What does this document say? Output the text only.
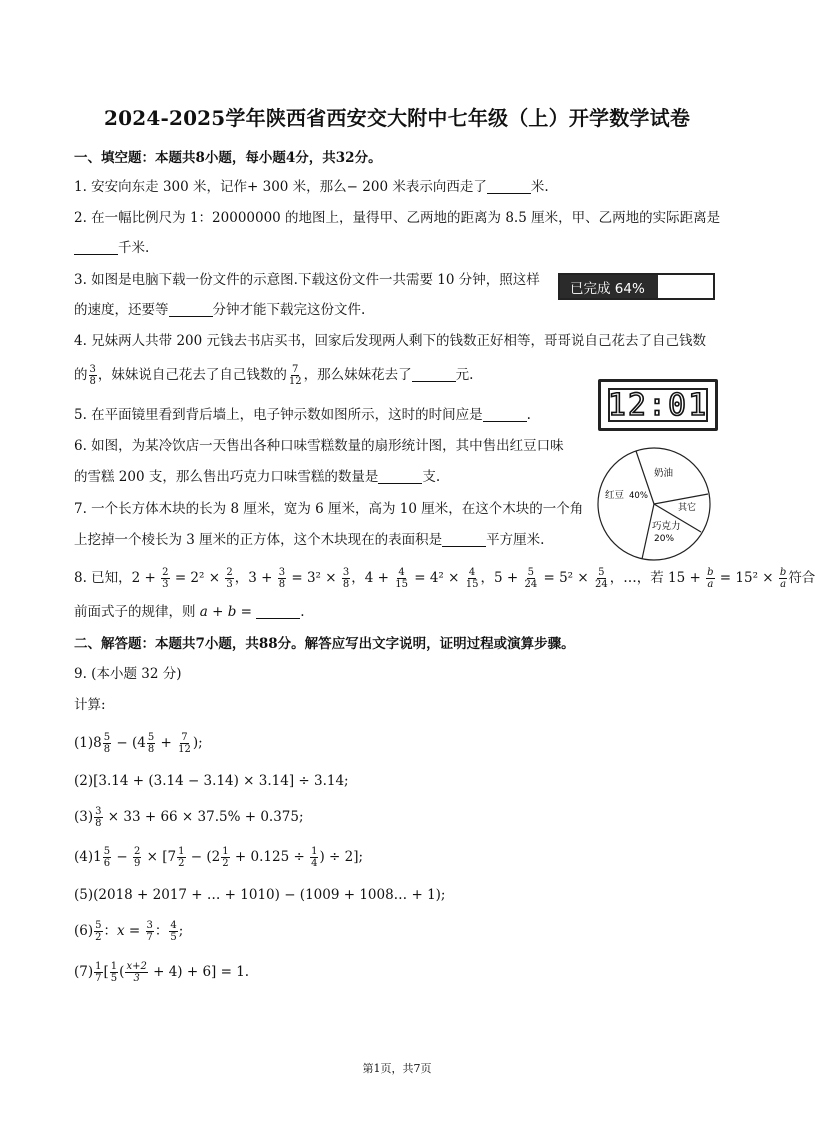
2024-2025学年陕西省西安交大附中七年级（上）开学数学试卷
一、填空题：本题共8小题，每小题4分，共32分。
1. 安安向东走 300 米，记作+ 300 米，那么− 200 米表示向西走了	米.
2. 在一幅比例尺为 1：20000000 的地图上，量得甲、乙两地的距离为 8.5 厘米，甲、乙两地的实际距离是
千米.
3. 如图是电脑下载一份文件的示意图.下载这份文件一共需要 10 分钟，照这样
的速度，还要等	分钟才能下载完这份文件.
已完成 64%
4. 兄妹两人共带 200 元钱去书店买书，回家后发现两人剩下的钱数正好相等，哥哥说自己花去了自己钱数
的 $\frac{3}{8}$ ，妹妹说自己花去了自己钱数的 $\frac{7}{12}$ ，那么妹妹花去了	元.
12:01
5. 在平面镜里看到背后墙上，电子钟示数如图所示，这时的时间应是	.
6. 如图，为某冷饮店一天售出各种口味雪糕数量的扇形统计图，其中售出红豆口味
的雪糕 200 支，那么售出巧克力口味雪糕的数量是	支.	奶油
红豆 40%
其它
巧克力
20%
7. 一个长方体木块的长为 8 厘米，宽为 6 厘米，高为 10 厘米，在这个木块的一个角
上挖掉一个棱长为 3 厘米的正方体，这个木块现在的表面积是	平方厘米.
8. 已知，$2 + \frac{2}{3} = 2^2 \times \frac{2}{3}$ ，$3 + \frac{3}{8} = 3^2 \times \frac{3}{8}$ ，$4 + \frac{4}{15} = 4^2 \times \frac{4}{15}$ ，$5 + \frac{5}{24} = 5^2 \times \frac{5}{24}$ ，…，若 $15 + \frac{b}{a} = 15^2 \times \frac{b}{a}$ 符合
前面式子的规律，则 a + b =	.
二、解答题：本题共7小题，共88分。解答应写出文字说明，证明过程或演算步骤。
9. (本小题 32 分)
计算:
$(1)8 \frac{5}{8} - (4 \frac{5}{8} + \frac{7}{12}$ );
(2)[3.14 + (3.14 − 3.14) × 3.14] ÷ 3.14;
$(3) \frac{3}{8} \times 33 + 66 \times 37.5\% + 0.375$;
$(4)1 \frac{5}{6} - \frac{2}{9} \times [7 \frac{1}{2} - (2 \frac{1}{2} + 0.125 \div \frac{1}{4}$ ) ÷ 2];
(5)(2018 + 2017 + … + 1010) − (1009 + 1008… + 1);
$(6) \frac{5}{2}$ ：$x = \frac{3}{7}$ ： $\frac{4}{5}$ ;
$(7) \frac{1}{7}$ [ $\frac{1}{5}$ ( $\frac{x+2}{3} + 4) + 6] = 1$.
第1页，共7页
